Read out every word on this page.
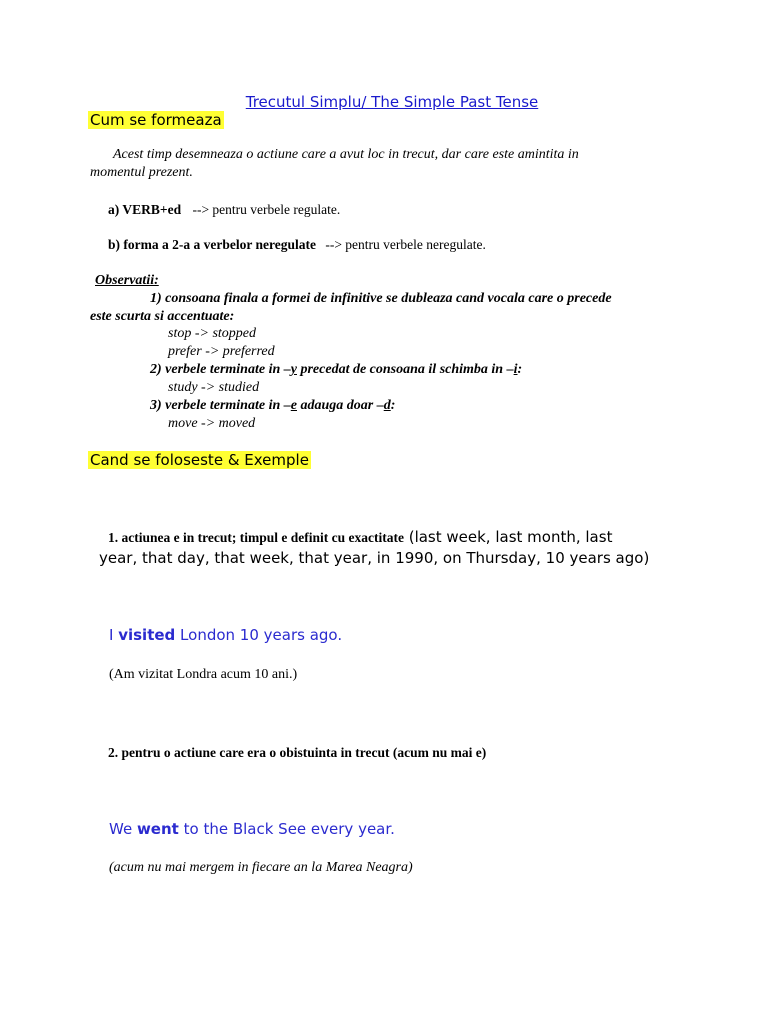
Trecutul Simplu/ The Simple Past Tense
Cum se formeaza
Acest timp desemneaza o actiune care a avut loc in trecut, dar care este amintita in
momentul prezent.
a) VERB+ed --> pentru verbele regulate.
b) forma a 2-a a verbelor neregulate --> pentru verbele neregulate.
Observatii:
1) consoana finala a formei de infinitive se dubleaza cand vocala care o precede
este scurta si accentuate:
stop -> stopped
prefer -> preferred
2) verbele terminate in –y precedat de consoana il schimba in –i:
study -> studied
3) verbele terminate in –e adauga doar –d:
move -> moved
Cand se foloseste & Exemple
1. actiunea e in trecut; timpul e definit cu exactitate (last week, last month, last
year, that day, that week, that year, in 1990, on Thursday, 10 years ago)
I visited London 10 years ago.
(Am vizitat Londra acum 10 ani.)
2. pentru o actiune care era o obistuinta in trecut (acum nu mai e)
We went to the Black See every year.
(acum nu mai mergem in fiecare an la Marea Neagra)
